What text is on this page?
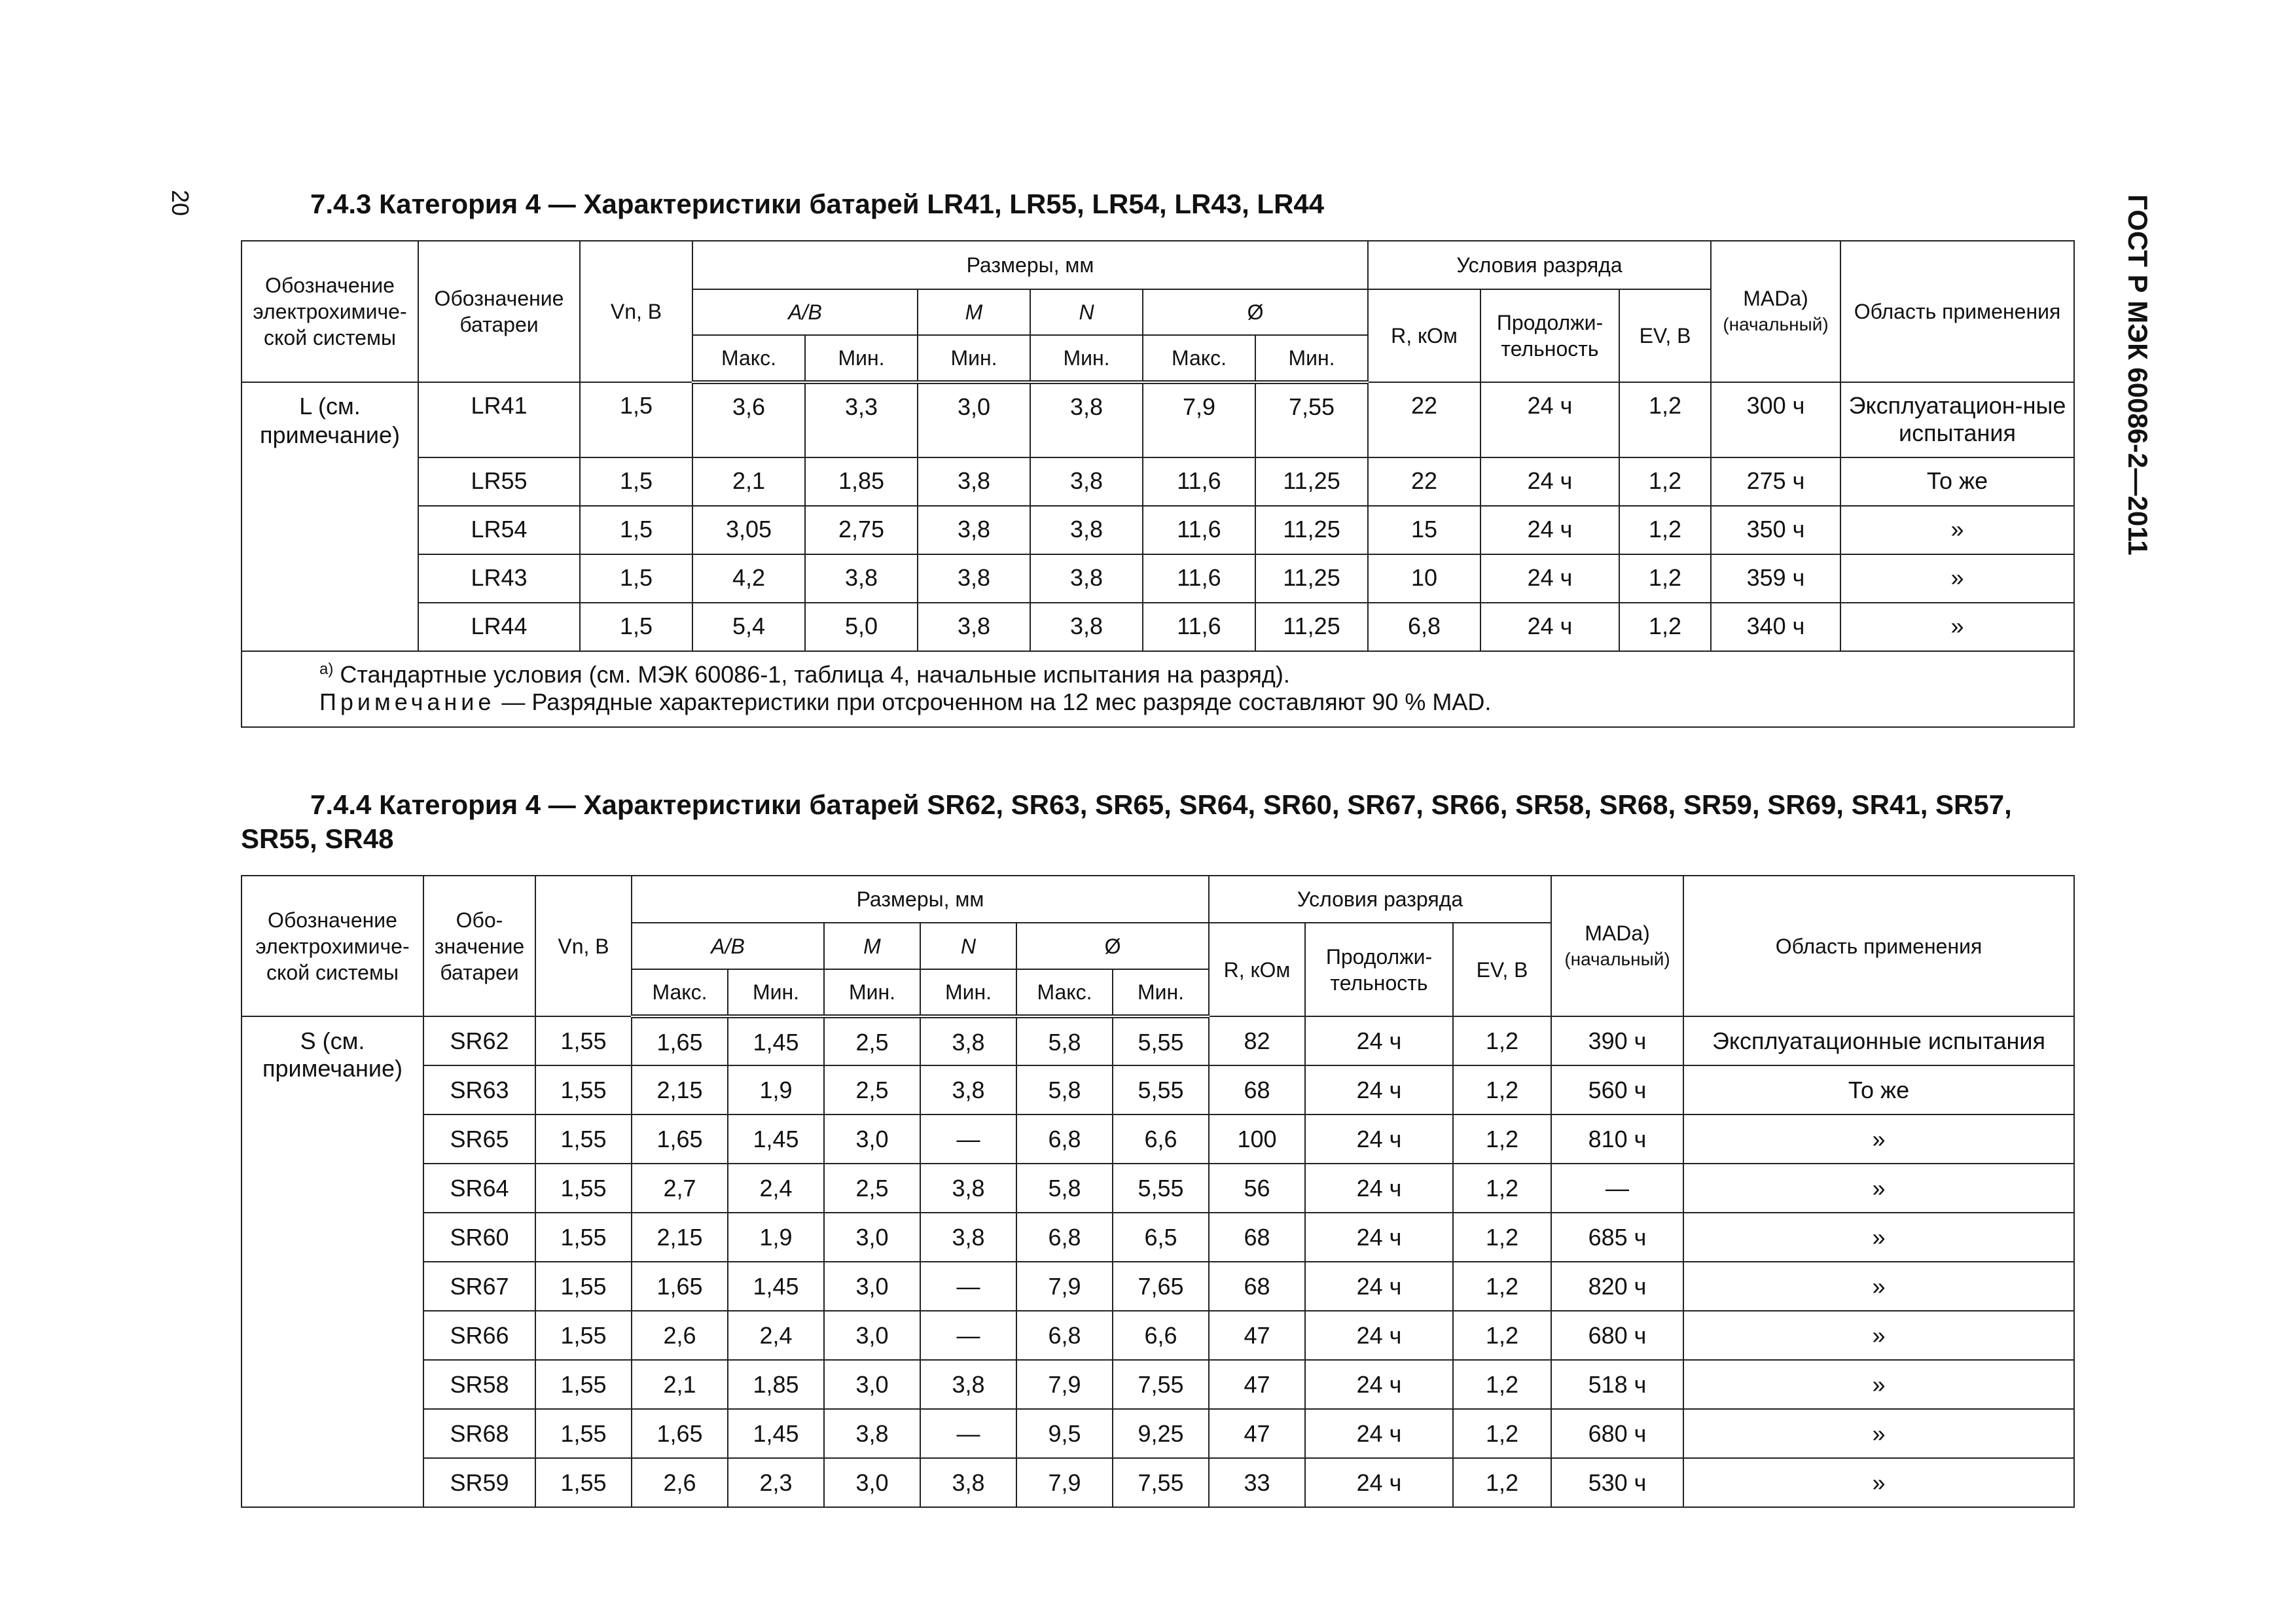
20	ГОСТ Р МЭК 60086-2—2011
7.4.3 Категория 4 — Характеристики батарей LR41, LR55, LR54, LR43, LR44
Обозначение электрохимиче-ской системы	Обозначение батареи	Vn, В	Размеры, мм						Условия разряда			MADa)
(начальный)	Область применения
			A/B		M	N	Ø		R, кОм	Продолжи-тельность	EV, В		
			Макс.	Мин.	Мин.	Мин.	Макс.	Мин.					
L (см. примечание)	LR41	1,5	3,6	3,3	3,0	3,8	7,9	7,55	22	24 ч	1,2	300 ч	Эксплуатацион-ные испытания
	LR55	1,5	2,1	1,85	3,8	3,8	11,6	11,25	22	24 ч	1,2	275 ч	То же
	LR54	1,5	3,05	2,75	3,8	3,8	11,6	11,25	15	24 ч	1,2	350 ч	»
	LR43	1,5	4,2	3,8	3,8	3,8	11,6	11,25	10	24 ч	1,2	359 ч	»
	LR44	1,5	5,4	5,0	3,8	3,8	11,6	11,25	6,8	24 ч	1,2	340 ч	»

$^{a)}$ Стандартные условия (см. МЭК 60086-1, таблица 4, начальные испытания на разряд).
Примечание — Разрядные характеристики при отсроченном на 12 мес разряде составляют 90 % MAD.													
7.4.4 Категория 4 — Характеристики батарей SR62, SR63, SR65, SR64, SR60, SR67, SR66, SR58, SR68, SR59, SR69, SR41, SR57, SR55, SR48
Обозначение электрохимиче-ской системы	Обо-значение батареи	Vn, В	Размеры, мм						Условия разряда			MADa)
(начальный)	Область применения
			A/B		M	N	Ø		R, кОм	Продолжи-тельность	EV, В		
			Макс.	Мин.	Мин.	Мин.	Макс.	Мин.					
S (см. примечание)	SR62	1,55	1,65	1,45	2,5	3,8	5,8	5,55	82	24 ч	1,2	390 ч	Эксплуатационные испытания
	SR63	1,55	2,15	1,9	2,5	3,8	5,8	5,55	68	24 ч	1,2	560 ч	То же
	SR65	1,55	1,65	1,45	3,0	—	6,8	6,6	100	24 ч	1,2	810 ч	»
	SR64	1,55	2,7	2,4	2,5	3,8	5,8	5,55	56	24 ч	1,2	—	»
	SR60	1,55	2,15	1,9	3,0	3,8	6,8	6,5	68	24 ч	1,2	685 ч	»
	SR67	1,55	1,65	1,45	3,0	—	7,9	7,65	68	24 ч	1,2	820 ч	»
	SR66	1,55	2,6	2,4	3,0	—	6,8	6,6	47	24 ч	1,2	680 ч	»
	SR58	1,55	2,1	1,85	3,0	3,8	7,9	7,55	47	24 ч	1,2	518 ч	»
	SR68	1,55	1,65	1,45	3,8	—	9,5	9,25	47	24 ч	1,2	680 ч	»
	SR59	1,55	2,6	2,3	3,0	3,8	7,9	7,55	33	24 ч	1,2	530 ч	»
